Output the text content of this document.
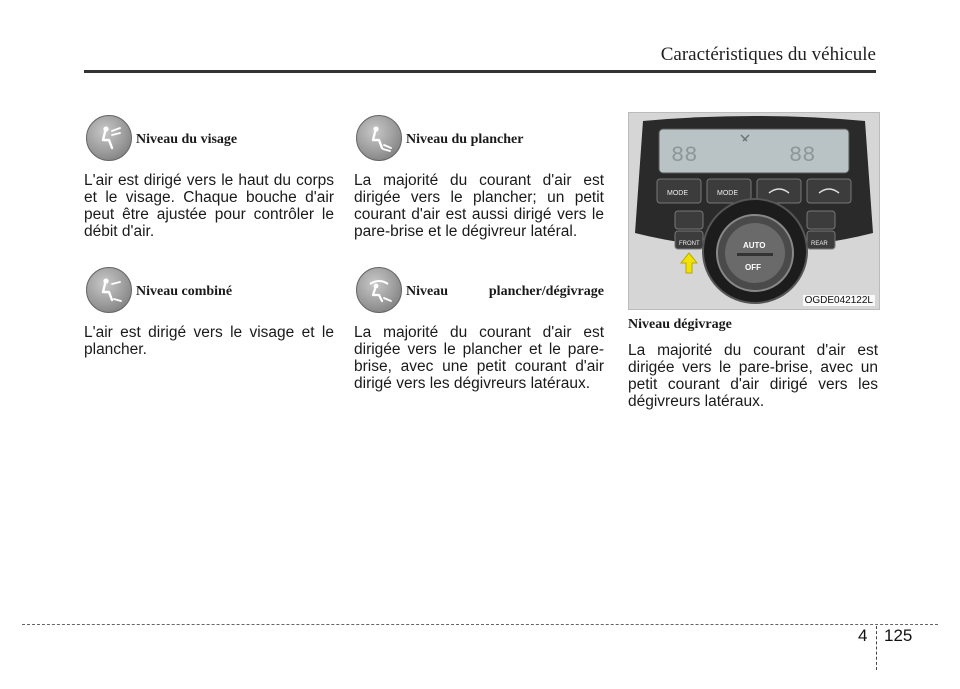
Caractéristiques du véhicule
Niveau du visage

L'air est dirigé vers le haut du corps et le visage. Chaque bouche d'air peut être ajustée pour contrôler le débit d'air.

Niveau combiné

L'air est dirigé vers le visage et le plancher.

Niveau du plancher

La majorité du courant d'air est dirigée vers le plancher; un petit courant d'air est aussi dirigé vers le pare-brise et le dégivreur latéral.

Niveau	plancher/dégivrage

La majorité du courant d'air est dirigée vers le plancher et le pare-brise, avec une petit courant d'air dirigé vers les dégivreurs latéraux.

88	88
MODE	MODE
FRONT	REAR
AUTO
OFF
OGDE042122L
Niveau dégivrage

La majorité du courant d'air est dirigée vers le pare-brise, avec un petit courant d'air dirigé vers les dégivreurs latéraux.

4 125
